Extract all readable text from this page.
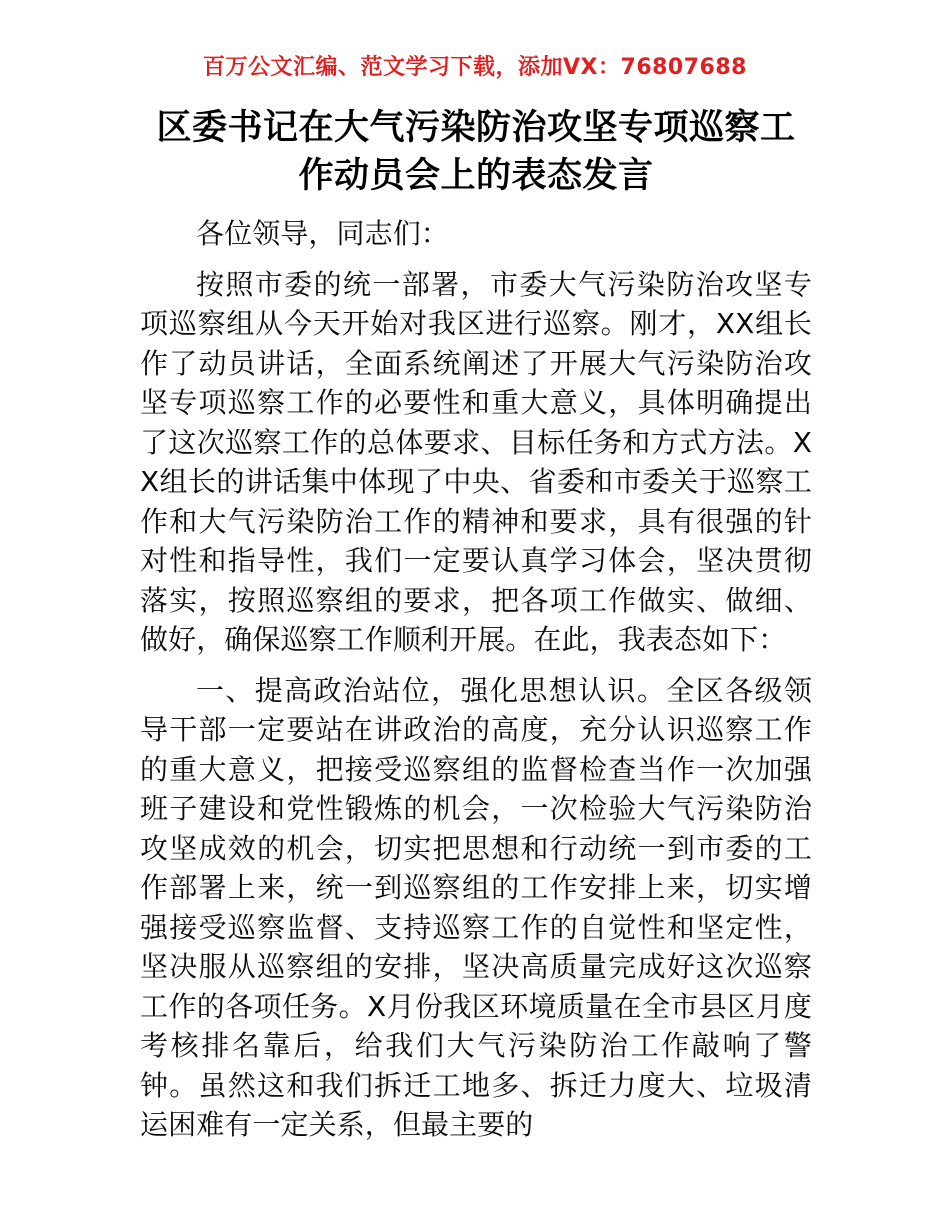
百万公文汇编、范文学习下载，添加VX：76807688
区委书记在大气污染防治攻坚专项巡察工作动员会上的表态发言

各位领导，同志们：

按照市委的统一部署，市委大气污染防治攻坚专项巡察组从今天开始对我区进行巡察。刚才，XX组长作了动员讲话，全面系统阐述了开展大气污染防治攻坚专项巡察工作的必要性和重大意义，具体明确提出了这次巡察工作的总体要求、目标任务和方式方法。XX组长的讲话集中体现了中央、省委和市委关于巡察工作和大气污染防治工作的精神和要求，具有很强的针对性和指导性，我们一定要认真学习体会，坚决贯彻落实，按照巡察组的要求，把各项工作做实、做细、做好，确保巡察工作顺利开展。在此，我表态如下：

一、提高政治站位，强化思想认识。全区各级领导干部一定要站在讲政治的高度，充分认识巡察工作的重大意义，把接受巡察组的监督检查当作一次加强班子建设和党性锻炼的机会，一次检验大气污染防治攻坚成效的机会，切实把思想和行动统一到市委的工作部署上来，统一到巡察组的工作安排上来，切实增强接受巡察监督、支持巡察工作的自觉性和坚定性，坚决服从巡察组的安排，坚决高质量完成好这次巡察工作的各项任务。X月份我区环境质量在全市县区月度考核排名靠后，给我们大气污染防治工作敲响了警钟。虽然这和我们拆迁工地多、拆迁力度大、垃圾清运困难有一定关系，但最主要的
